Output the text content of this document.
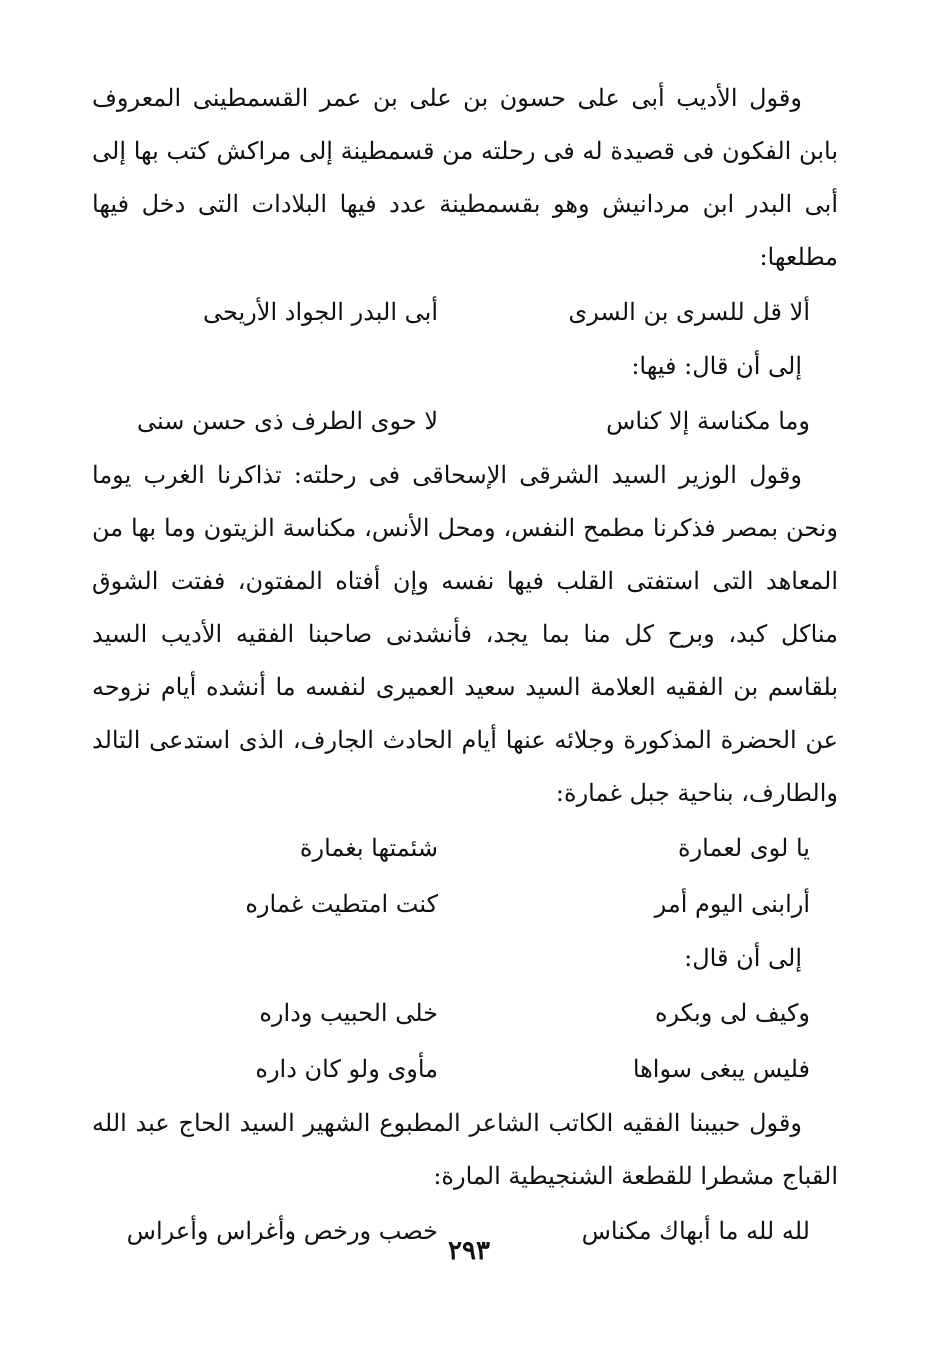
وقول الأديب أبى على حسون بن على بن عمر القسمطينى المعروف بابن الفكون فى قصيدة له فى رحلته من قسمطينة إلى مراكش كتب بها إلى أبى البدر ابن مردانيش وهو بقسمطينة عدد فيها البلادات التى دخل فيها مطلعها:

ألا قل للسرى بن السرى
أبى البدر الجواد الأريحى

إلى أن قال: فيها:

وما مكناسة إلا كناس
لا حوى الطرف ذى حسن سنى

وقول الوزير السيد الشرقى الإسحاقى فى رحلته: تذاكرنا الغرب يوما ونحن بمصر فذكرنا مطمح النفس، ومحل الأنس، مكناسة الزيتون وما بها من المعاهد التى استفتى القلب فيها نفسه وإن أفتاه المفتون، ففتت الشوق مناكل كبد، وبرح كل منا بما يجد، فأنشدنى صاحبنا الفقيه الأديب السيد بلقاسم بن الفقيه العلامة السيد سعيد العميرى لنفسه ما أنشده أيام نزوحه عن الحضرة المذكورة وجلائه عنها أيام الحادث الجارف، الذى استدعى التالد والطارف، بناحية جبل غمارة:

يا لوى لعمارة
شئمتها بغمارة
أرابنى اليوم أمر
كنت امتطيت غماره

إلى أن قال:

وكيف لى وبكره
خلى الحبيب وداره
فليس يبغى سواها
مأوى ولو كان داره

وقول حبيبنا الفقيه الكاتب الشاعر المطبوع الشهير السيد الحاج عبد الله القباج مشطرا للقطعة الشنجيطية المارة:

لله لله ما أبهاك مكناس
خصب ورخص وأغراس وأعراس
٢٩٣
